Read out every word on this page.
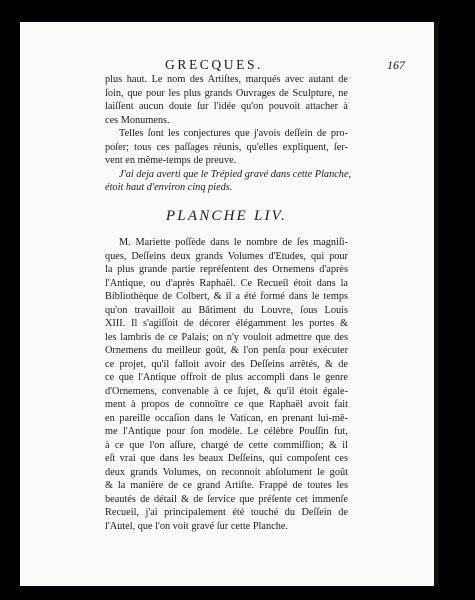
GRECQUES.	167
plus haut. Le nom des Artiſtes, marqués avec autant de
ſoin, que pour les plus grands Ouvrages de Sculpture, ne
laiſſent aucun doute ſur l'idée qu'on pouvoit attacher à
ces Monumens.
Telles ſont les conjectures que j'avois deſſein de pro-
poſer; tous ces paſſages réunis, qu'elles expliquent, ſer-
vent en même-temps de preuve.
J'ai deja averti que le Trépied gravé dans cette Planche,
étoit haut d'environ cinq pieds.
PLANCHE LIV.
M. Mariette poſſède dans le nombre de ſes magniſi-
ques, Deſſeins deux grands Volumes d'Etudes, qui pour
la plus grande partie repréſentent des Ornemens d'après
l'Antique, ou d'après Raphaël. Ce Recueil étoit dans la
Bibliothèque de Colbert, & il a été formé dans le temps
qu'on travailloit au Bâtiment du Louvre, ſous Louis
XIII. Il s'agiſſoit de décorer élégamment les portes &
les lambris de ce Palais; on n'y vouloit admettre que des
Ornemens du meilleur goût, & l'on penſa pour exécuter
ce projet, qu'il falloit avoir des Deſſeins arrêtés, & de
ce que l'Antique offroit de plus accompli dans le genre
d'Ornemens, convenable à ce ſujet, & qu'il étoit égale-
ment à propos de connoître ce que Raphaël avoit fait
en pareille occaſion dans le Vatican, en prenant lui-mê-
me l'Antique pour ſon modèle. Le célèbre Pouſſin fut,
à ce que l'on aſſure, chargé de cette commiſſion; & il
eſt vrai que dans les beaux Deſſeins, qui compoſent ces
deux grands Volumes, on reconnoit abſolument le goût
& la manière de ce grand Artiſte. Frappé de toutes les
beautés de détail & de ſervice que préſente cet immenſe
Recueil, j'ai principalement été touché du Deſſein de
l'Autel, que l'on voit gravé ſur cette Planche.
